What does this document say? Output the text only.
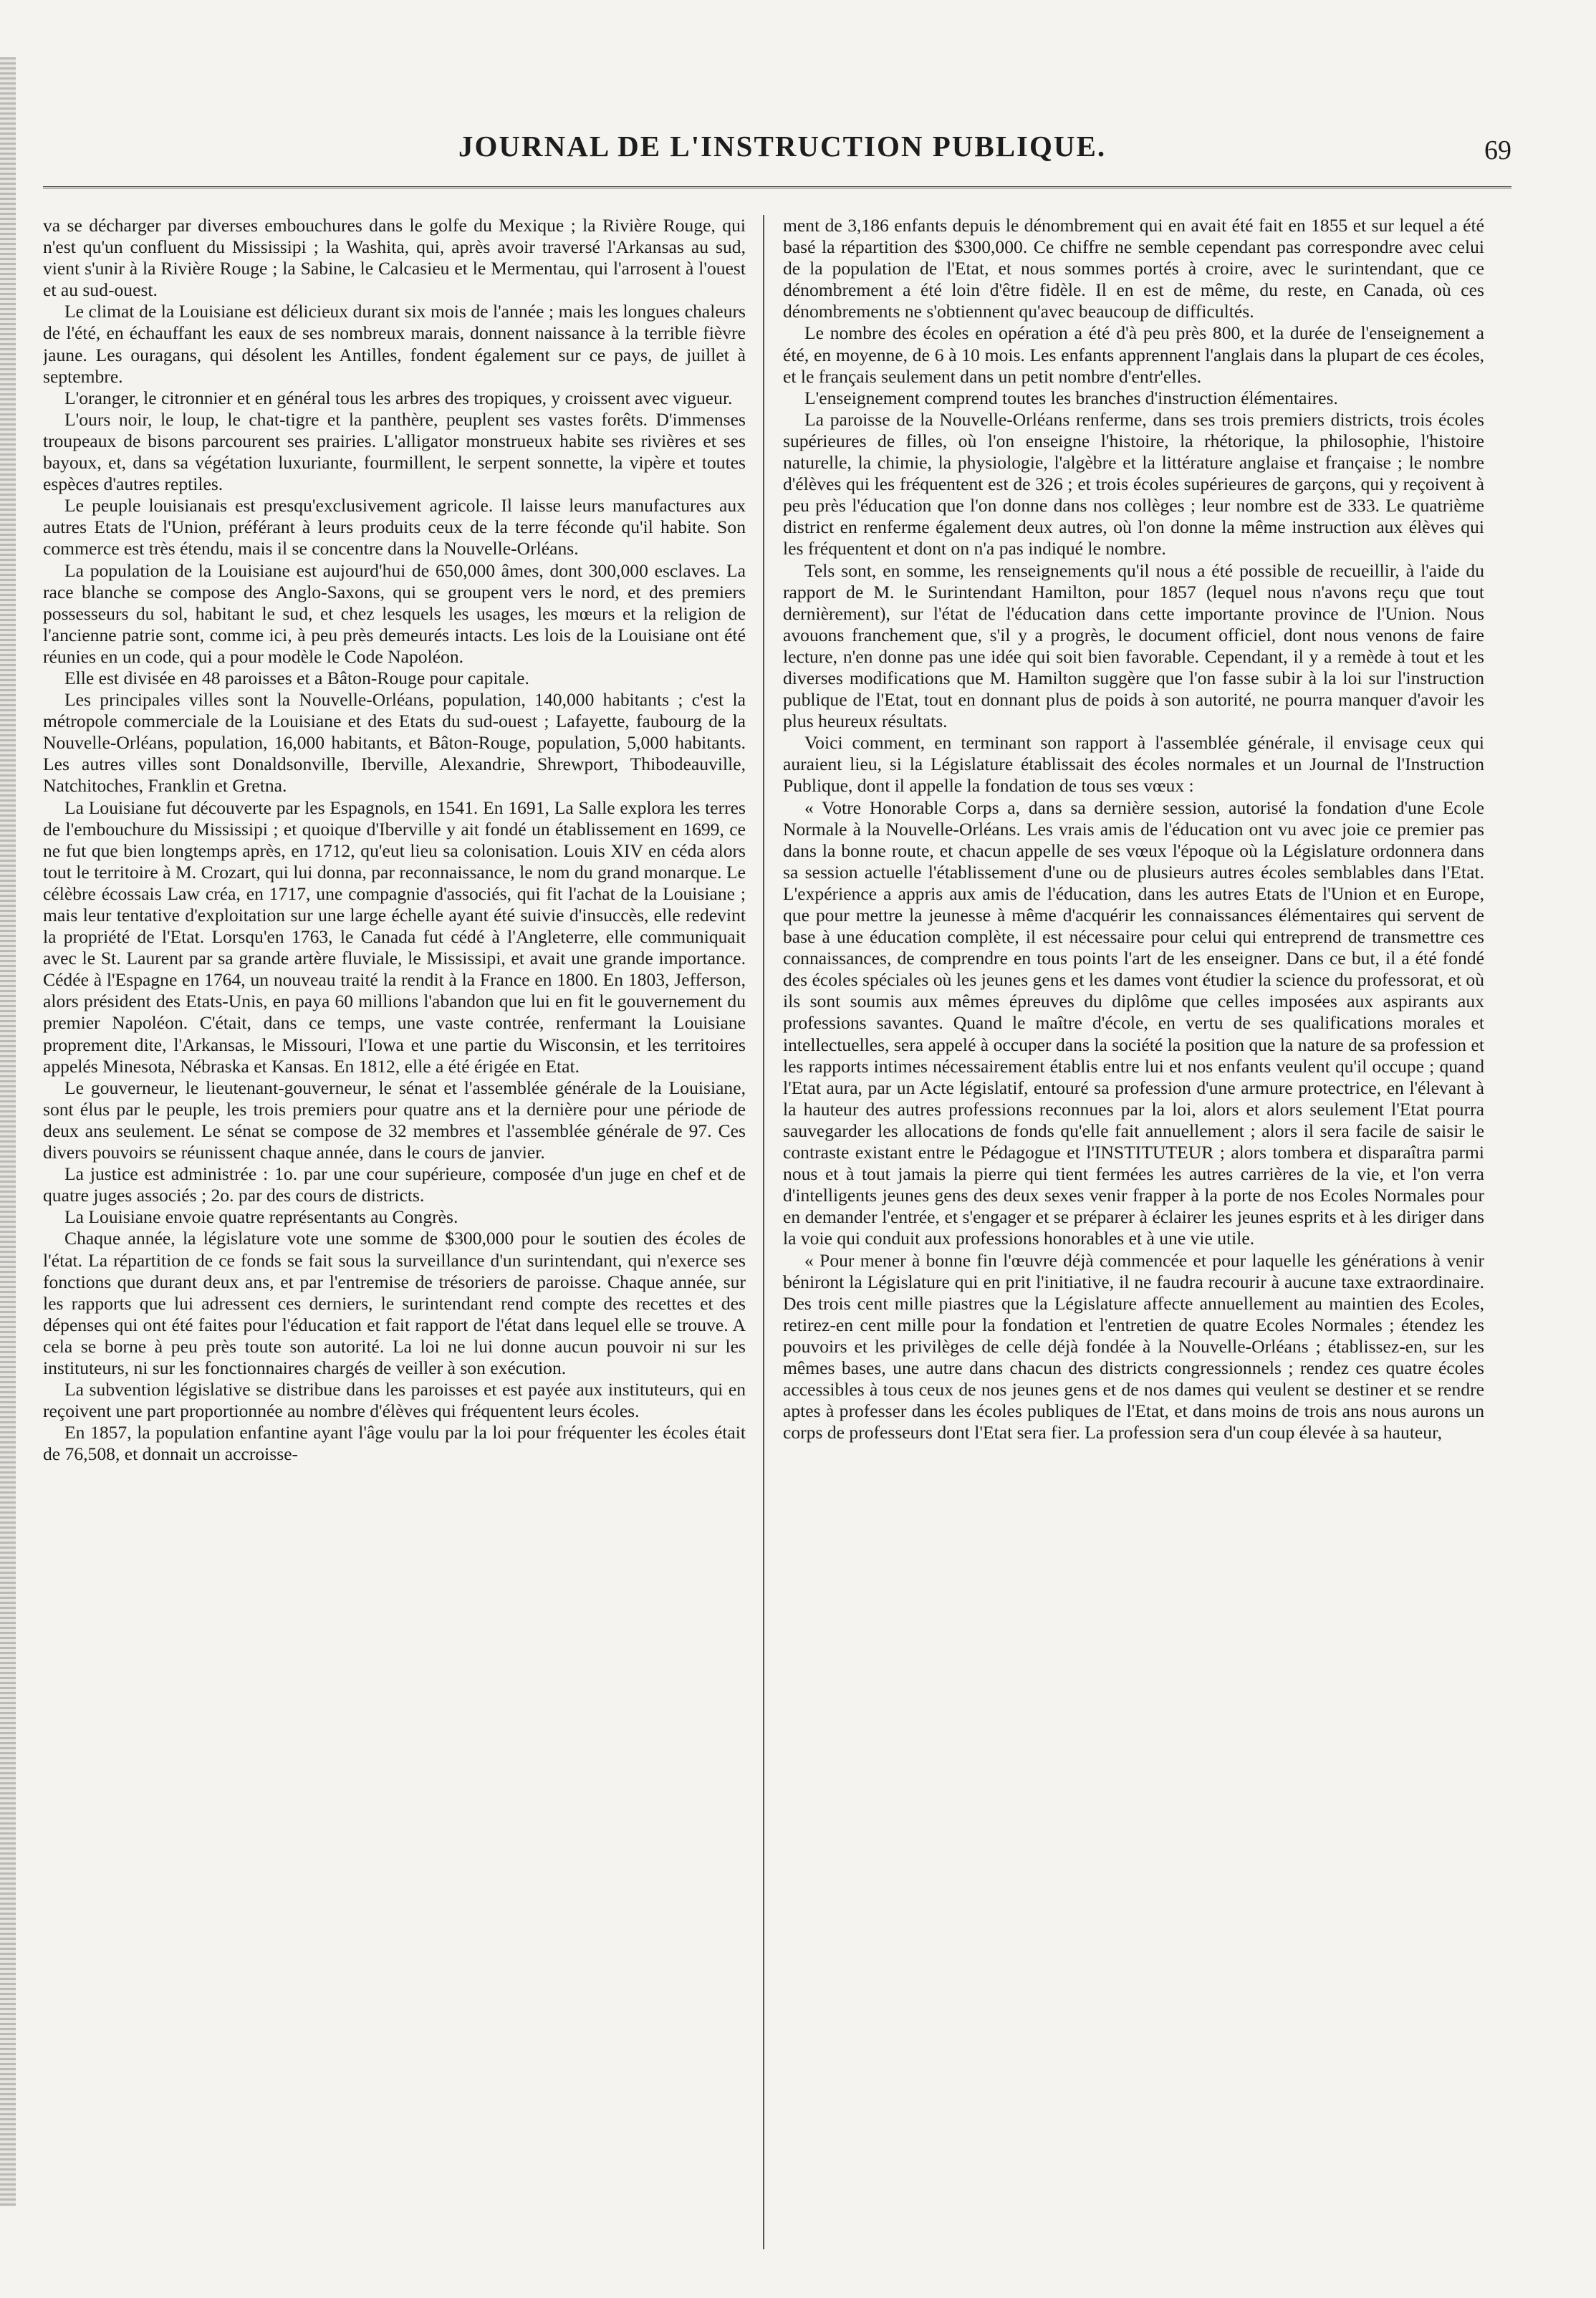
JOURNAL DE L'INSTRUCTION PUBLIQUE.	69

va se décharger par diverses embouchures dans le golfe du Mexique ; la Rivière Rouge, qui n'est qu'un confluent du Mississipi ; la Washita, qui, après avoir traversé l'Arkansas au sud, vient s'unir à la Rivière Rouge ; la Sabine, le Calcasieu et le Mermentau, qui l'arrosent à l'ouest et au sud-ouest.

Le climat de la Louisiane est délicieux durant six mois de l'année ; mais les longues chaleurs de l'été, en échauffant les eaux de ses nombreux marais, donnent naissance à la terrible fièvre jaune. Les ouragans, qui désolent les Antilles, fondent également sur ce pays, de juillet à septembre.

L'oranger, le citronnier et en général tous les arbres des tropiques, y croissent avec vigueur.

L'ours noir, le loup, le chat-tigre et la panthère, peuplent ses vastes forêts. D'immenses troupeaux de bisons parcourent ses prairies. L'alligator monstrueux habite ses rivières et ses bayoux, et, dans sa végétation luxuriante, fourmillent, le serpent sonnette, la vipère et toutes espèces d'autres reptiles.

Le peuple louisianais est presqu'exclusivement agricole. Il laisse leurs manufactures aux autres Etats de l'Union, préférant à leurs produits ceux de la terre féconde qu'il habite. Son commerce est très étendu, mais il se concentre dans la Nouvelle-Orléans.

La population de la Louisiane est aujourd'hui de 650,000 âmes, dont 300,000 esclaves. La race blanche se compose des Anglo-Saxons, qui se groupent vers le nord, et des premiers possesseurs du sol, habitant le sud, et chez lesquels les usages, les mœurs et la religion de l'ancienne patrie sont, comme ici, à peu près demeurés intacts. Les lois de la Louisiane ont été réunies en un code, qui a pour modèle le Code Napoléon.

Elle est divisée en 48 paroisses et a Bâton-Rouge pour capitale.

Les principales villes sont la Nouvelle-Orléans, population, 140,000 habitants ; c'est la métropole commerciale de la Louisiane et des Etats du sud-ouest ; Lafayette, faubourg de la Nouvelle-Orléans, population, 16,000 habitants, et Bâton-Rouge, population, 5,000 habitants. Les autres villes sont Donaldsonville, Iberville, Alexandrie, Shrewport, Thibodeauville, Natchitoches, Franklin et Gretna.

La Louisiane fut découverte par les Espagnols, en 1541. En 1691, La Salle explora les terres de l'embouchure du Mississipi ; et quoique d'Iberville y ait fondé un établissement en 1699, ce ne fut que bien longtemps après, en 1712, qu'eut lieu sa colonisation. Louis XIV en céda alors tout le territoire à M. Crozart, qui lui donna, par reconnaissance, le nom du grand monarque. Le célèbre écossais Law créa, en 1717, une compagnie d'associés, qui fit l'achat de la Louisiane ; mais leur tentative d'exploitation sur une large échelle ayant été suivie d'insuccès, elle redevint la propriété de l'Etat. Lorsqu'en 1763, le Canada fut cédé à l'Angleterre, elle communiquait avec le St. Laurent par sa grande artère fluviale, le Mississipi, et avait une grande importance. Cédée à l'Espagne en 1764, un nouveau traité la rendit à la France en 1800. En 1803, Jefferson, alors président des Etats-Unis, en paya 60 millions l'abandon que lui en fit le gouvernement du premier Napoléon. C'était, dans ce temps, une vaste contrée, renfermant la Louisiane proprement dite, l'Arkansas, le Missouri, l'Iowa et une partie du Wisconsin, et les territoires appelés Minesota, Nébraska et Kansas. En 1812, elle a été érigée en Etat.

Le gouverneur, le lieutenant-gouverneur, le sénat et l'assemblée générale de la Louisiane, sont élus par le peuple, les trois premiers pour quatre ans et la dernière pour une période de deux ans seulement. Le sénat se compose de 32 membres et l'assemblée générale de 97. Ces divers pouvoirs se réunissent chaque année, dans le cours de janvier.

La justice est administrée : 1o. par une cour supérieure, composée d'un juge en chef et de quatre juges associés ; 2o. par des cours de districts.

La Louisiane envoie quatre représentants au Congrès.

Chaque année, la législature vote une somme de $300,000 pour le soutien des écoles de l'état. La répartition de ce fonds se fait sous la surveillance d'un surintendant, qui n'exerce ses fonctions que durant deux ans, et par l'entremise de trésoriers de paroisse. Chaque année, sur les rapports que lui adressent ces derniers, le surintendant rend compte des recettes et des dépenses qui ont été faites pour l'éducation et fait rapport de l'état dans lequel elle se trouve. A cela se borne à peu près toute son autorité. La loi ne lui donne aucun pouvoir ni sur les instituteurs, ni sur les fonctionnaires chargés de veiller à son exécution.

La subvention législative se distribue dans les paroisses et est payée aux instituteurs, qui en reçoivent une part proportionnée au nombre d'élèves qui fréquentent leurs écoles.

En 1857, la population enfantine ayant l'âge voulu par la loi pour fréquenter les écoles était de 76,508, et donnait un accroisse-

ment de 3,186 enfants depuis le dénombrement qui en avait été fait en 1855 et sur lequel a été basé la répartition des $300,000. Ce chiffre ne semble cependant pas correspondre avec celui de la population de l'Etat, et nous sommes portés à croire, avec le surintendant, que ce dénombrement a été loin d'être fidèle. Il en est de même, du reste, en Canada, où ces dénombrements ne s'obtiennent qu'avec beaucoup de difficultés.

Le nombre des écoles en opération a été d'à peu près 800, et la durée de l'enseignement a été, en moyenne, de 6 à 10 mois. Les enfants apprennent l'anglais dans la plupart de ces écoles, et le français seulement dans un petit nombre d'entr'elles.

L'enseignement comprend toutes les branches d'instruction élémentaires.

La paroisse de la Nouvelle-Orléans renferme, dans ses trois premiers districts, trois écoles supérieures de filles, où l'on enseigne l'histoire, la rhétorique, la philosophie, l'histoire naturelle, la chimie, la physiologie, l'algèbre et la littérature anglaise et française ; le nombre d'élèves qui les fréquentent est de 326 ; et trois écoles supérieures de garçons, qui y reçoivent à peu près l'éducation que l'on donne dans nos collèges ; leur nombre est de 333. Le quatrième district en renferme également deux autres, où l'on donne la même instruction aux élèves qui les fréquentent et dont on n'a pas indiqué le nombre.

Tels sont, en somme, les renseignements qu'il nous a été possible de recueillir, à l'aide du rapport de M. le Surintendant Hamilton, pour 1857 (lequel nous n'avons reçu que tout dernièrement), sur l'état de l'éducation dans cette importante province de l'Union. Nous avouons franchement que, s'il y a progrès, le document officiel, dont nous venons de faire lecture, n'en donne pas une idée qui soit bien favorable. Cependant, il y a remède à tout et les diverses modifications que M. Hamilton suggère que l'on fasse subir à la loi sur l'instruction publique de l'Etat, tout en donnant plus de poids à son autorité, ne pourra manquer d'avoir les plus heureux résultats.

Voici comment, en terminant son rapport à l'assemblée générale, il envisage ceux qui auraient lieu, si la Législature établissait des écoles normales et un Journal de l'Instruction Publique, dont il appelle la fondation de tous ses vœux :

« Votre Honorable Corps a, dans sa dernière session, autorisé la fondation d'une Ecole Normale à la Nouvelle-Orléans. Les vrais amis de l'éducation ont vu avec joie ce premier pas dans la bonne route, et chacun appelle de ses vœux l'époque où la Législature ordonnera dans sa session actuelle l'établissement d'une ou de plusieurs autres écoles semblables dans l'Etat. L'expérience a appris aux amis de l'éducation, dans les autres Etats de l'Union et en Europe, que pour mettre la jeunesse à même d'acquérir les connaissances élémentaires qui servent de base à une éducation complète, il est nécessaire pour celui qui entreprend de transmettre ces connaissances, de comprendre en tous points l'art de les enseigner. Dans ce but, il a été fondé des écoles spéciales où les jeunes gens et les dames vont étudier la science du professorat, et où ils sont soumis aux mêmes épreuves du diplôme que celles imposées aux aspirants aux professions savantes. Quand le maître d'école, en vertu de ses qualifications morales et intellectuelles, sera appelé à occuper dans la société la position que la nature de sa profession et les rapports intimes nécessairement établis entre lui et nos enfants veulent qu'il occupe ; quand l'Etat aura, par un Acte législatif, entouré sa profession d'une armure protectrice, en l'élevant à la hauteur des autres professions reconnues par la loi, alors et alors seulement l'Etat pourra sauvegarder les allocations de fonds qu'elle fait annuellement ; alors il sera facile de saisir le contraste existant entre le Pédagogue et l'INSTITUTEUR ; alors tombera et disparaîtra parmi nous et à tout jamais la pierre qui tient fermées les autres carrières de la vie, et l'on verra d'intelligents jeunes gens des deux sexes venir frapper à la porte de nos Ecoles Normales pour en demander l'entrée, et s'engager et se préparer à éclairer les jeunes esprits et à les diriger dans la voie qui conduit aux professions honorables et à une vie utile.

« Pour mener à bonne fin l'œuvre déjà commencée et pour laquelle les générations à venir béniront la Législature qui en prit l'initiative, il ne faudra recourir à aucune taxe extraordinaire. Des trois cent mille piastres que la Législature affecte annuellement au maintien des Ecoles, retirez-en cent mille pour la fondation et l'entretien de quatre Ecoles Normales ; étendez les pouvoirs et les privilèges de celle déjà fondée à la Nouvelle-Orléans ; établissez-en, sur les mêmes bases, une autre dans chacun des districts congressionnels ; rendez ces quatre écoles accessibles à tous ceux de nos jeunes gens et de nos dames qui veulent se destiner et se rendre aptes à professer dans les écoles publiques de l'Etat, et dans moins de trois ans nous aurons un corps de professeurs dont l'Etat sera fier. La profession sera d'un coup élevée à sa hauteur,
